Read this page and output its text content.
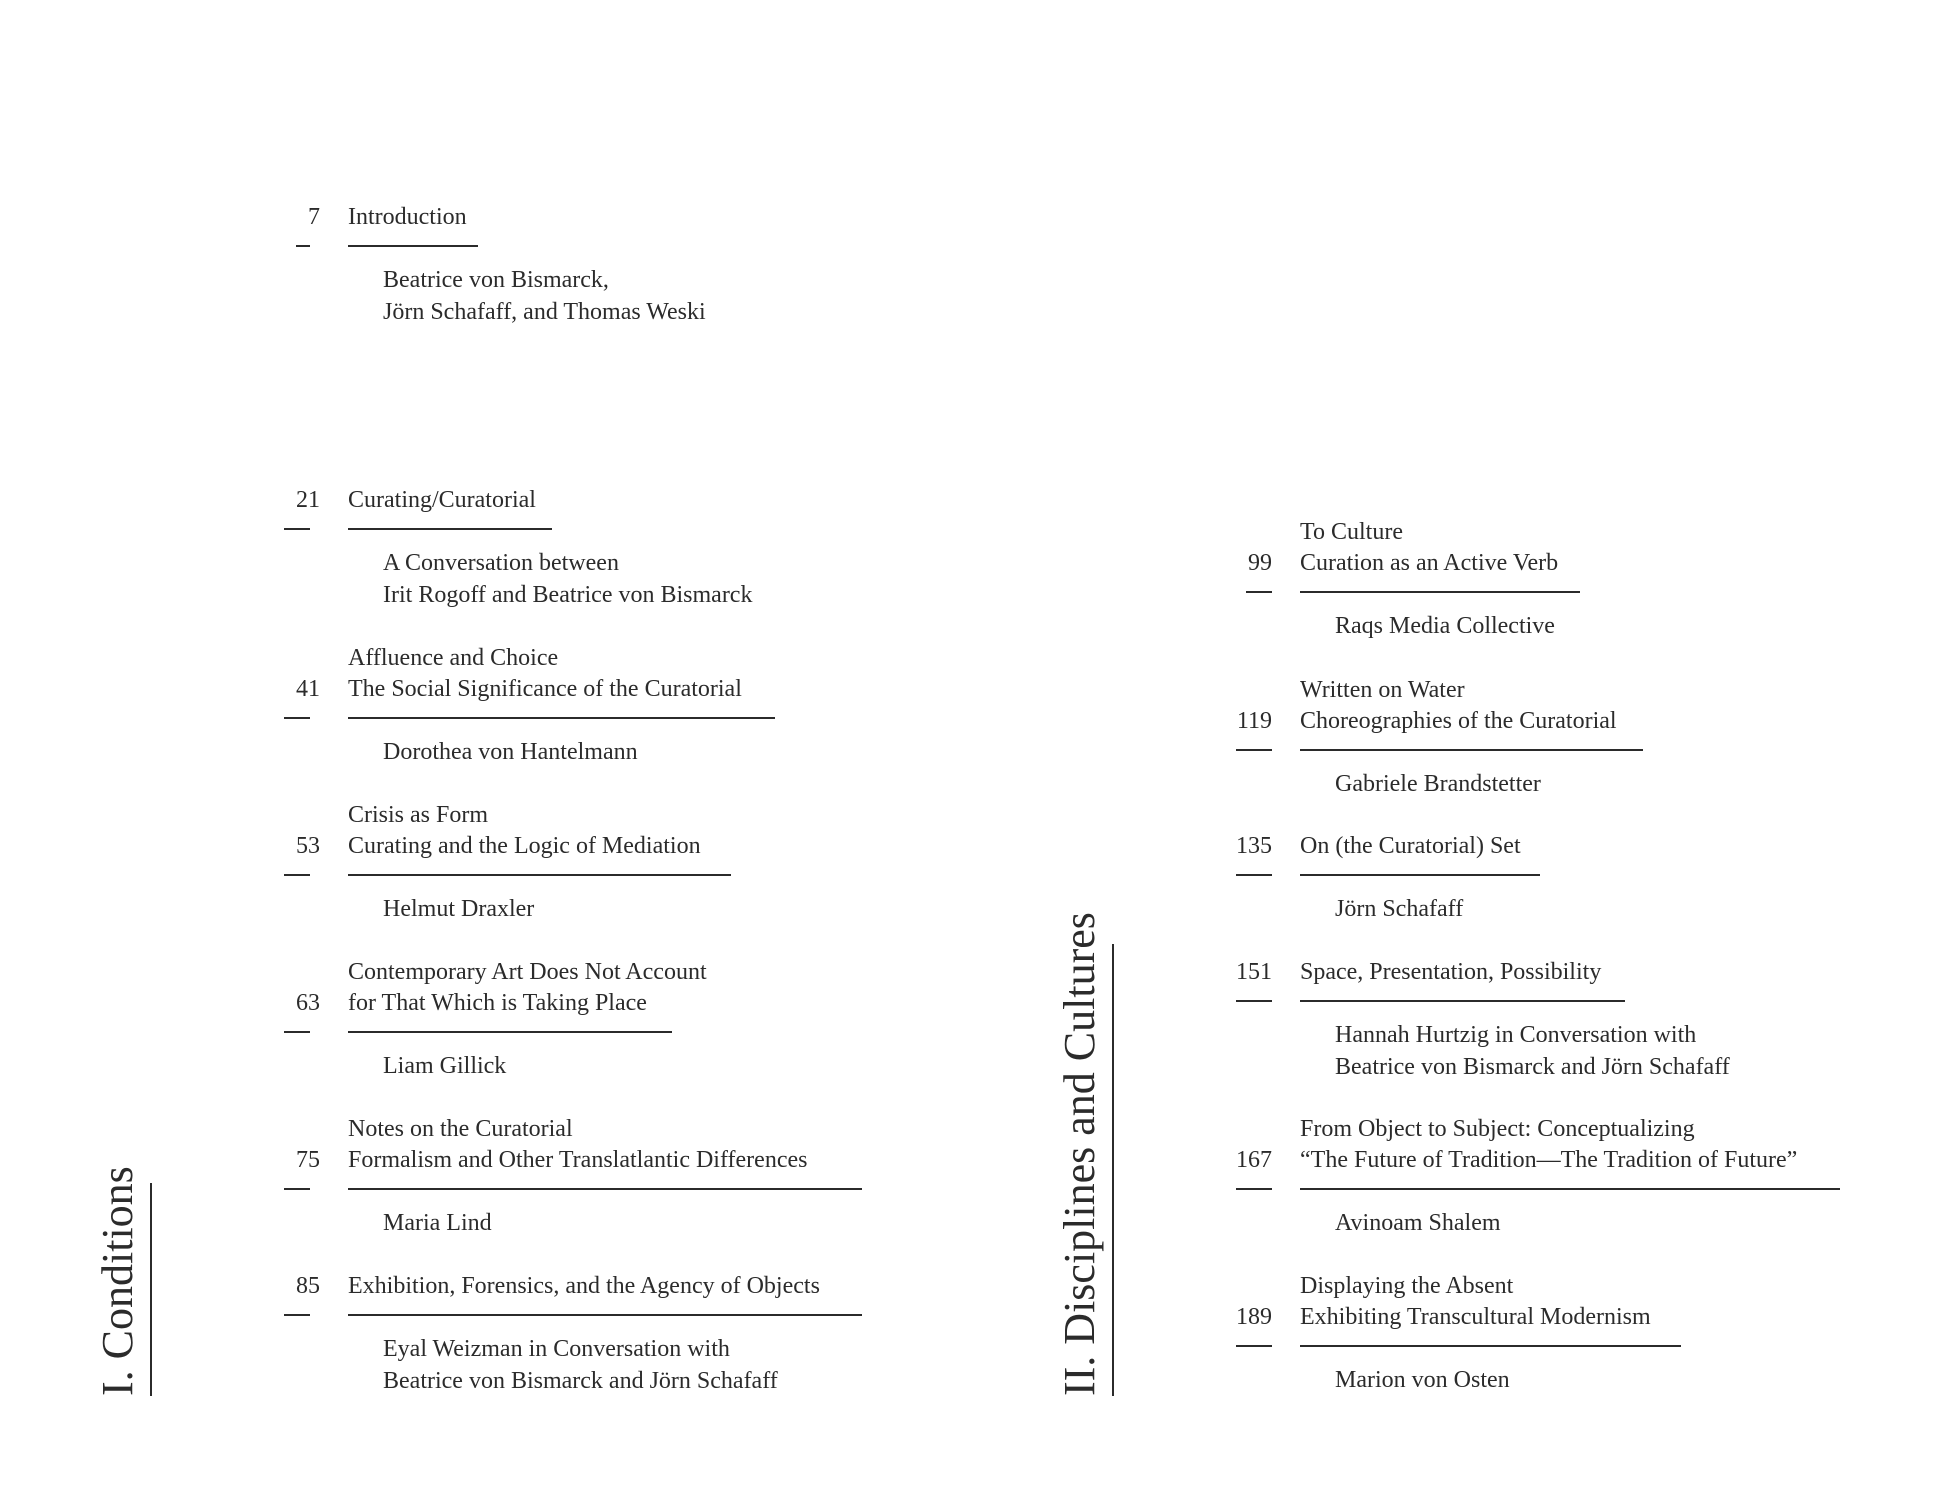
I. Conditions	II. Disciplines and Cultures
7 Introduction
Beatrice von Bismarck,
Jörn Schafaff, and Thomas Weski
21 Curating/Curatorial
A Conversation between
Irit Rogoff and Beatrice von Bismarck
Affluence and Choice
41 The Social Significance of the Curatorial
Dorothea von Hantelmann
Crisis as Form
53 Curating and the Logic of Mediation
Helmut Draxler
Contemporary Art Does Not Account
63 for That Which is Taking Place
Liam Gillick
Notes on the Curatorial
75 Formalism and Other Translatlantic Differences
Maria Lind
85 Exhibition, Forensics, and the Agency of Objects
Eyal Weizman in Conversation with
Beatrice von Bismarck and Jörn Schafaff
To Culture
99 Curation as an Active Verb
Raqs Media Collective
Written on Water
119 Choreographies of the Curatorial
Gabriele Brandstetter
135 On (the Curatorial) Set
Jörn Schafaff
151 Space, Presentation, Possibility
Hannah Hurtzig in Conversation with
Beatrice von Bismarck and Jörn Schafaff
From Object to Subject: Conceptualizing
167 “The Future of Tradition—The Tradition of Future”
Avinoam Shalem
Displaying the Absent
189 Exhibiting Transcultural Modernism
Marion von Osten
